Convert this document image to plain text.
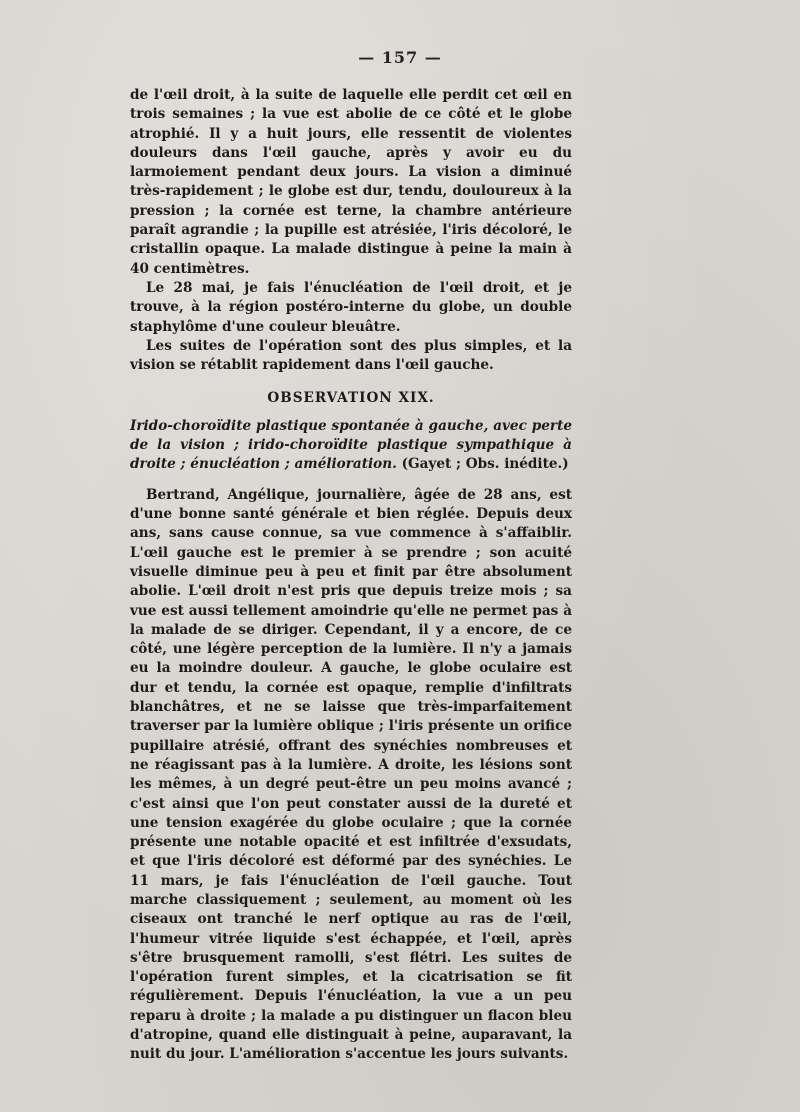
— 157 —

de l'œil droit, à la suite de laquelle elle perdit cet œil en trois semaines ; la vue est abolie de ce côté et le globe atrophié. Il y a huit jours, elle ressentit de violentes douleurs dans l'œil gauche, après y avoir eu du larmoiement pendant deux jours. La vision a diminué très-rapidement ; le globe est dur, tendu, douloureux à la pression ; la cornée est terne, la chambre antérieure paraît agrandie ; la pupille est atrésiée, l'iris décoloré, le cristallin opaque. La malade distingue à peine la main à 40 centimètres.

Le 28 mai, je fais l'énucléation de l'œil droit, et je trouve, à la région postéro-interne du globe, un double staphylôme d'une couleur bleuâtre.

Les suites de l'opération sont des plus simples, et la vision se rétablit rapidement dans l'œil gauche.

OBSERVATION XIX.
Irido-choroïdite plastique spontanée à gauche, avec perte de la vision ; irido-choroïdite plastique sympathique à droite ; énucléation ; amélioration. (Gayet ; Obs. inédite.)

Bertrand, Angélique, journalière, âgée de 28 ans, est d'une bonne santé générale et bien réglée. Depuis deux ans, sans cause connue, sa vue commence à s'affaiblir. L'œil gauche est le premier à se prendre ; son acuité visuelle diminue peu à peu et finit par être absolument abolie. L'œil droit n'est pris que depuis treize mois ; sa vue est aussi tellement amoindrie qu'elle ne permet pas à la malade de se diriger. Cependant, il y a encore, de ce côté, une légère perception de la lumière. Il n'y a jamais eu la moindre douleur. A gauche, le globe oculaire est dur et tendu, la cornée est opaque, remplie d'infiltrats blanchâtres, et ne se laisse que très-imparfaitement traverser par la lumière oblique ; l'iris présente un orifice pupillaire atrésié, offrant des synéchies nombreuses et ne réagissant pas à la lumière. A droite, les lésions sont les mêmes, à un degré peut-être un peu moins avancé ; c'est ainsi que l'on peut constater aussi de la dureté et une tension exagérée du globe oculaire ; que la cornée présente une notable opacité et est infiltrée d'exsudats, et que l'iris décoloré est déformé par des synéchies. Le 11 mars, je fais l'énucléation de l'œil gauche. Tout marche classiquement ; seulement, au moment où les ciseaux ont tranché le nerf optique au ras de l'œil, l'humeur vitrée liquide s'est échappée, et l'œil, après s'être brusquement ramolli, s'est flétri. Les suites de l'opération furent simples, et la cicatrisation se fit régulièrement. Depuis l'énucléation, la vue a un peu reparu à droite ; la malade a pu distinguer un flacon bleu d'atropine, quand elle distinguait à peine, auparavant, la nuit du jour. L'amélioration s'accentue les jours suivants.
